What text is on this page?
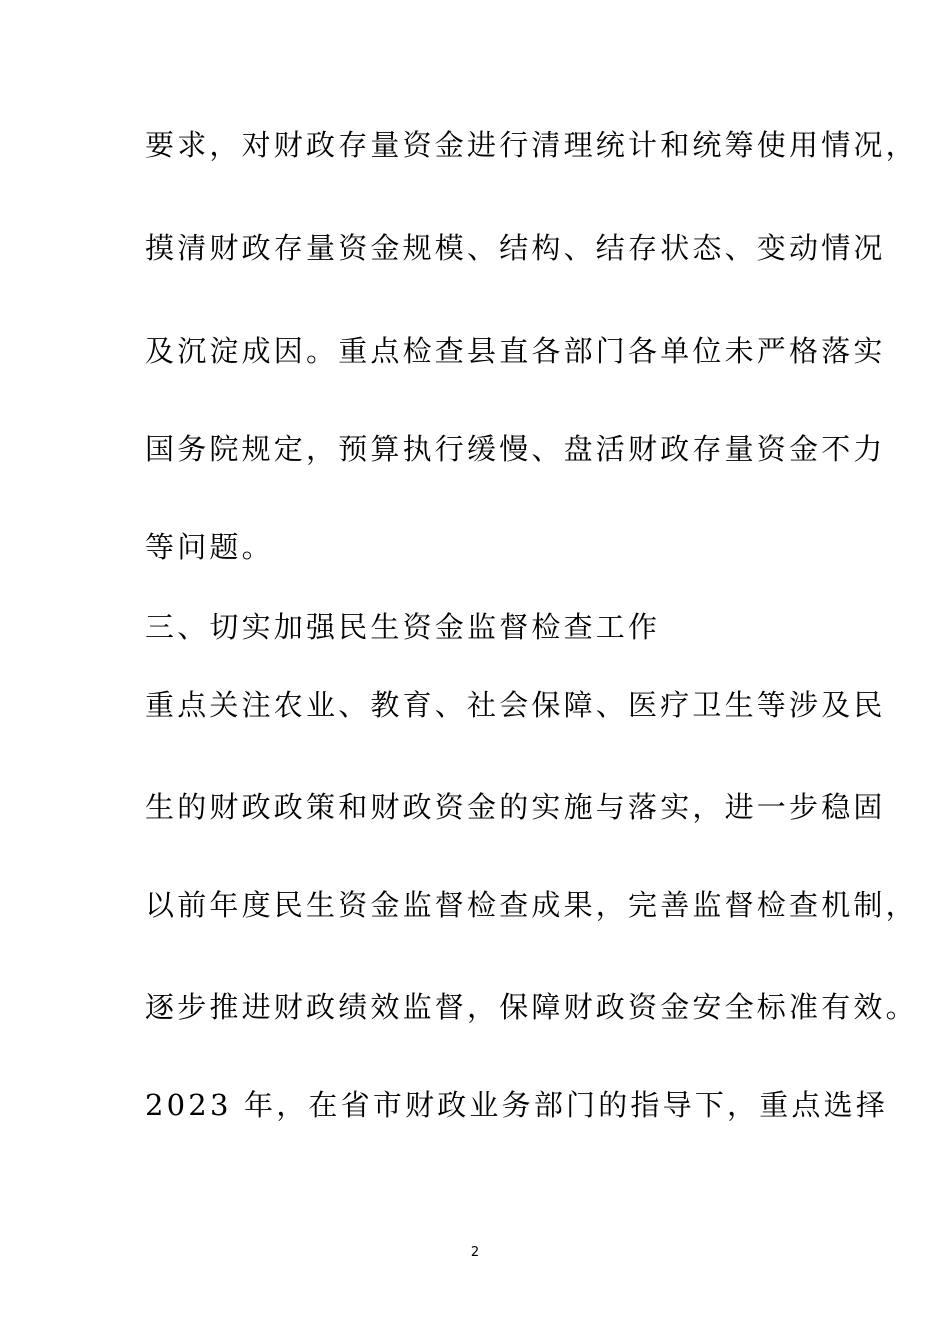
要求，对财政存量资金进行清理统计和统筹使用情况，
摸清财政存量资金规模、结构、结存状态、变动情况
及沉淀成因。重点检查县直各部门各单位未严格落实
国务院规定，预算执行缓慢、盘活财政存量资金不力
等问题。
三、切实加强民生资金监督检查工作
重点关注农业、教育、社会保障、医疗卫生等涉及民
生的财政政策和财政资金的实施与落实，进一步稳固
以前年度民生资金监督检查成果，完善监督检查机制，
逐步推进财政绩效监督，保障财政资金安全标准有效。
2023 年，在省市财政业务部门的指导下，重点选择
2
